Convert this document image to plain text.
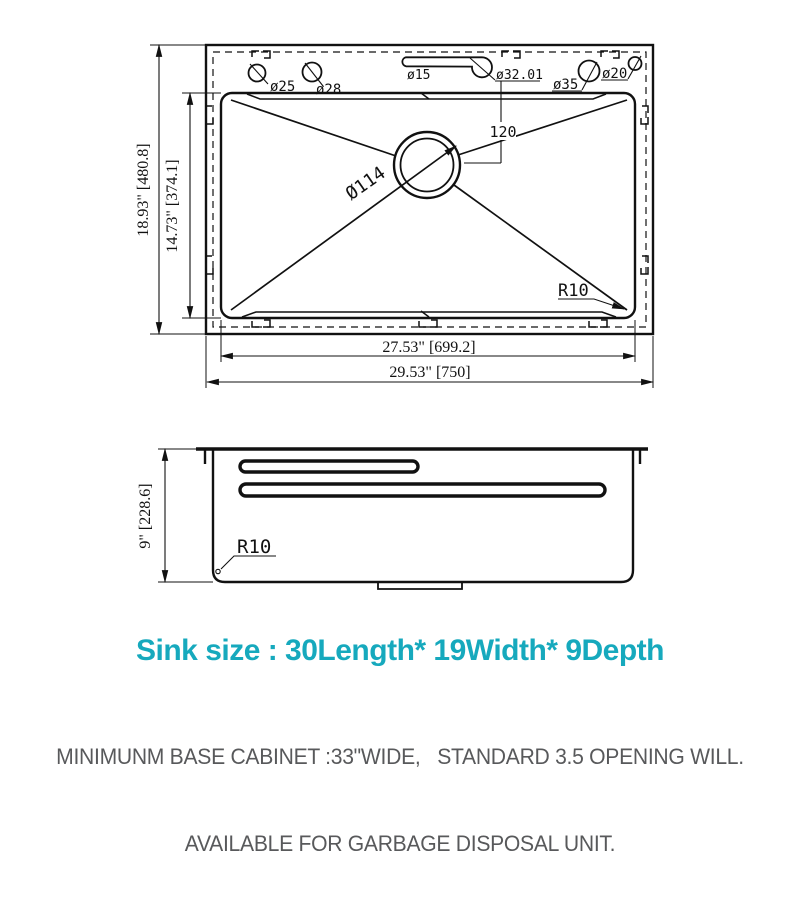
ø25 ø28
ø15	ø32.01
ø35
ø20
120
Ø114
R10
18.93" [480.8] 14.73" [374.1]
27.53" [699.2]
29.53" [750]
9" [228.6]	R10
Sink size : 30Length* 19Width* 9Depth

MINIMUNM BASE CABINET :33"WIDE,   STANDARD 3.5 OPENING WILL.

AVAILABLE FOR GARBAGE DISPOSAL UNIT.
